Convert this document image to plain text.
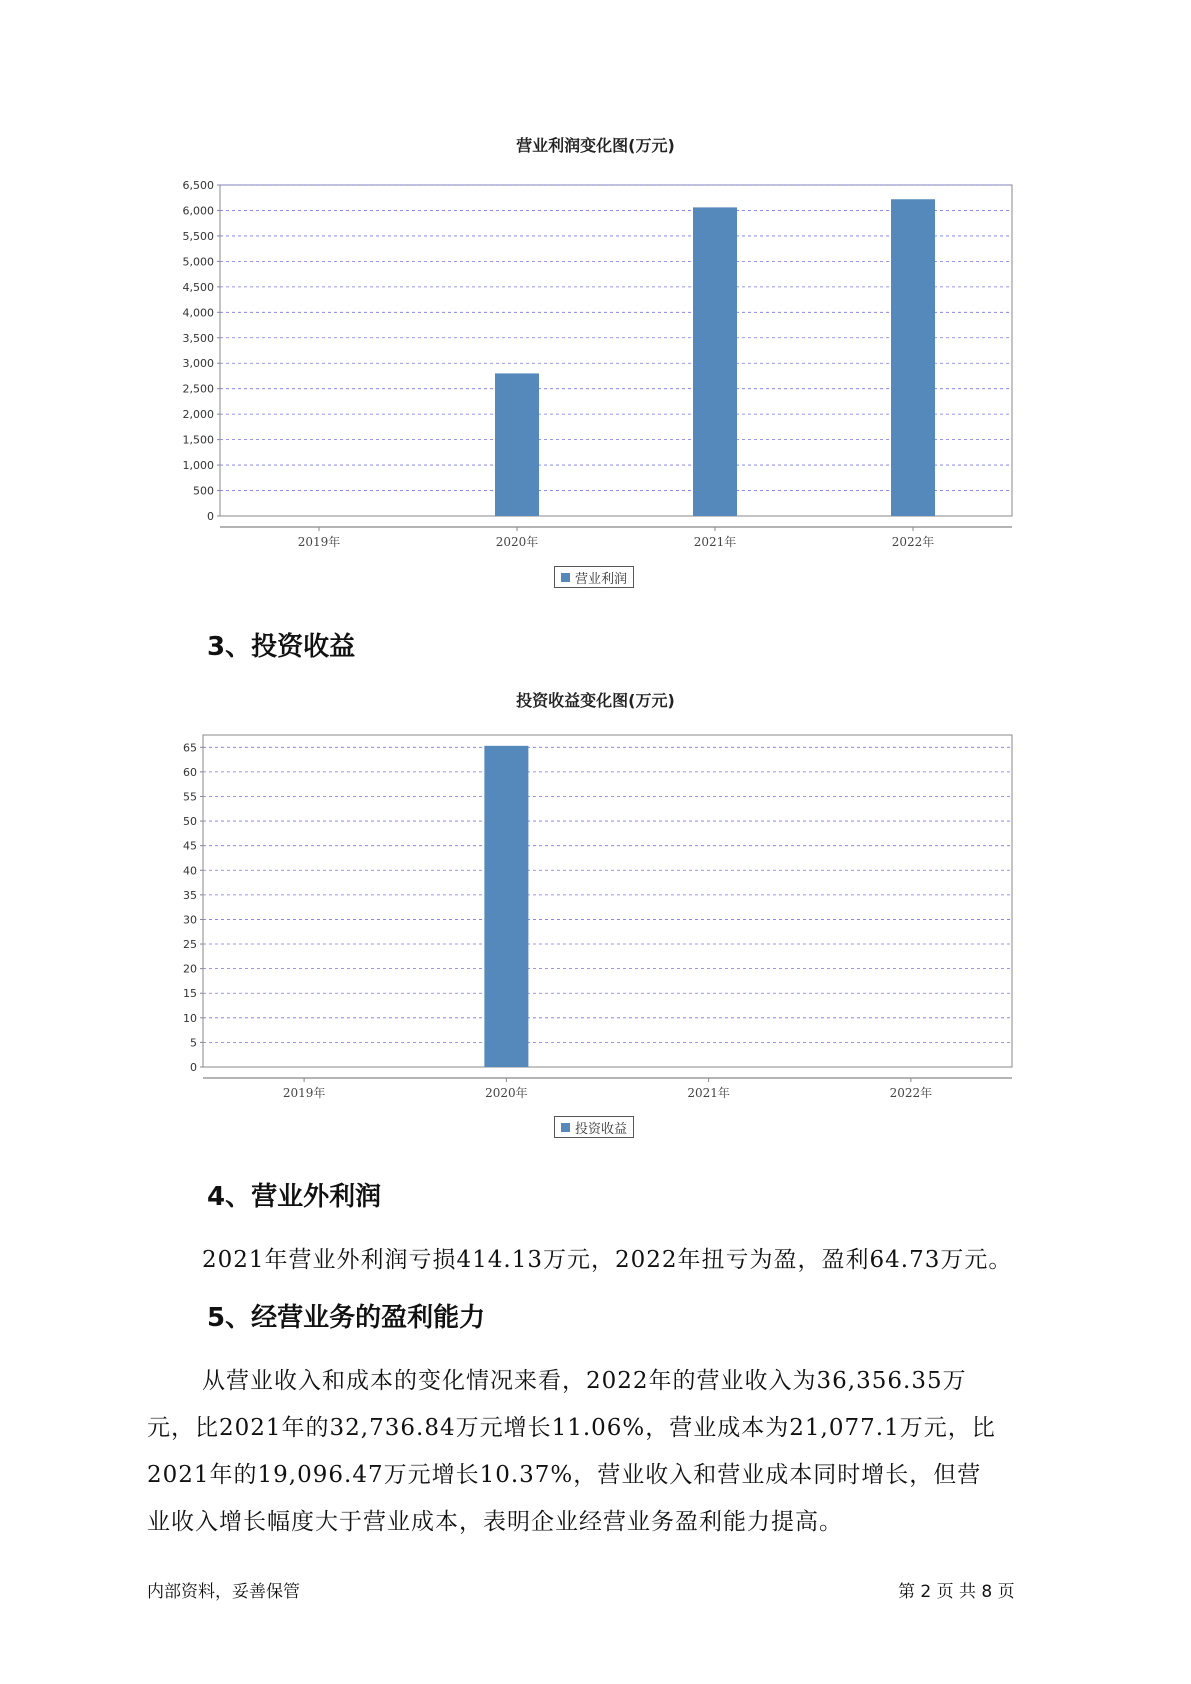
营业利润变化图(万元)
0
500
1,000
1,500
2,000
2,500
3,000
3,500
4,000
4,500
5,000
5,500
6,000
6,500
2019年	2020年	2021年	2022年
营业利润
3、投资收益
投资收益变化图(万元)
0
5
10
15
20
25
30
35
40
45
50
55
60
65
2019年	2020年	2021年	2022年
投资收益
4、营业外利润

2021年营业外利润亏损414.13万元，2022年扭亏为盈，盈利64.73万元。

5、经营业务的盈利能力

从营业收入和成本的变化情况来看，2022年的营业收入为36,356.35万

元，比2021年的32,736.84万元增长11.06%，营业成本为21,077.1万元，比

2021年的19,096.47万元增长10.37%，营业收入和营业成本同时增长，但营

业收入增长幅度大于营业成本，表明企业经营业务盈利能力提高。

内部资料，妥善保管	第 2 页 共 8 页
